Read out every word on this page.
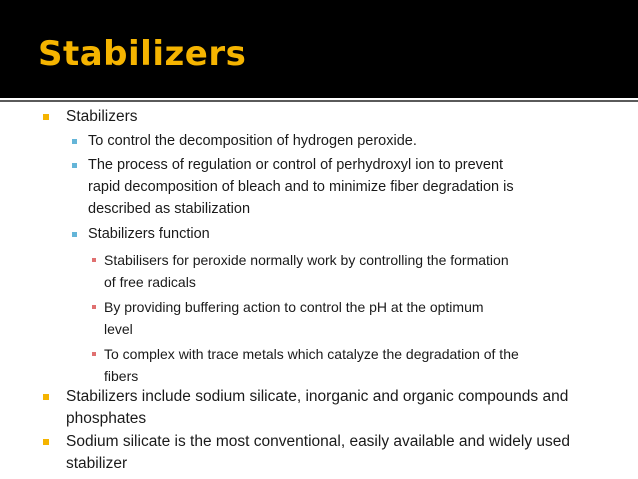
Stabilizers
Stabilizers
To control the decomposition of hydrogen peroxide.
The process of regulation or control of perhydroxyl ion to prevent
rapid decomposition of bleach and to minimize fiber degradation is
described as stabilization
Stabilizers function
Stabilisers for peroxide normally work by controlling the formation
of free radicals
By providing buffering action to control the pH at the optimum
level
To complex with trace metals which catalyze the degradation of the
fibers
Stabilizers include sodium silicate, inorganic and organic compounds and
phosphates
Sodium silicate is the most conventional, easily available and widely used
stabilizer
